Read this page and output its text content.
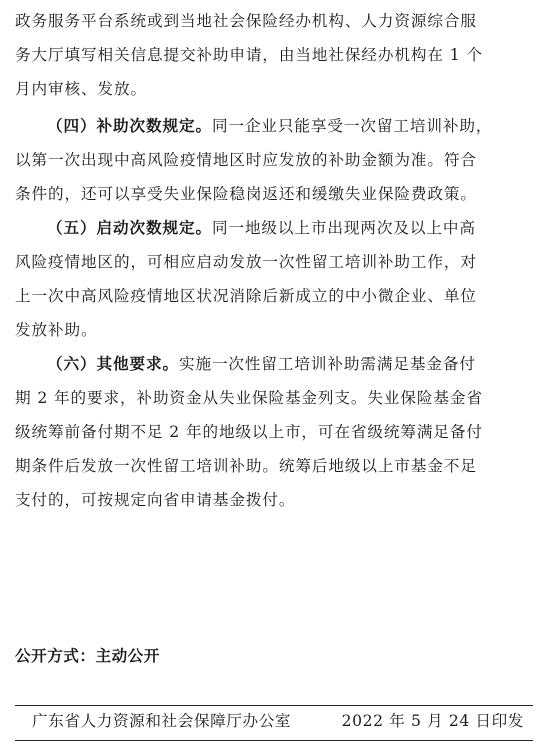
政务服务平台系统或到当地社会保险经办机构、人力资源综合服
务大厅填写相关信息提交补助申请，由当地社保经办机构在 1 个
月内审核、发放。
（四）补助次数规定。同一企业只能享受一次留工培训补助，
以第一次出现中高风险疫情地区时应发放的补助金额为准。符合
条件的，还可以享受失业保险稳岗返还和缓缴失业保险费政策。
（五）启动次数规定。同一地级以上市出现两次及以上中高
风险疫情地区的，可相应启动发放一次性留工培训补助工作，对
上一次中高风险疫情地区状况消除后新成立的中小微企业、单位
发放补助。
（六）其他要求。实施一次性留工培训补助需满足基金备付
期 2 年的要求，补助资金从失业保险基金列支。失业保险基金省
级统筹前备付期不足 2 年的地级以上市，可在省级统筹满足备付
期条件后发放一次性留工培训补助。统筹后地级以上市基金不足
支付的，可按规定向省申请基金拨付。
公开方式：主动公开
广东省人力资源和社会保障厅办公室	2022 年 5 月 24 日印发
